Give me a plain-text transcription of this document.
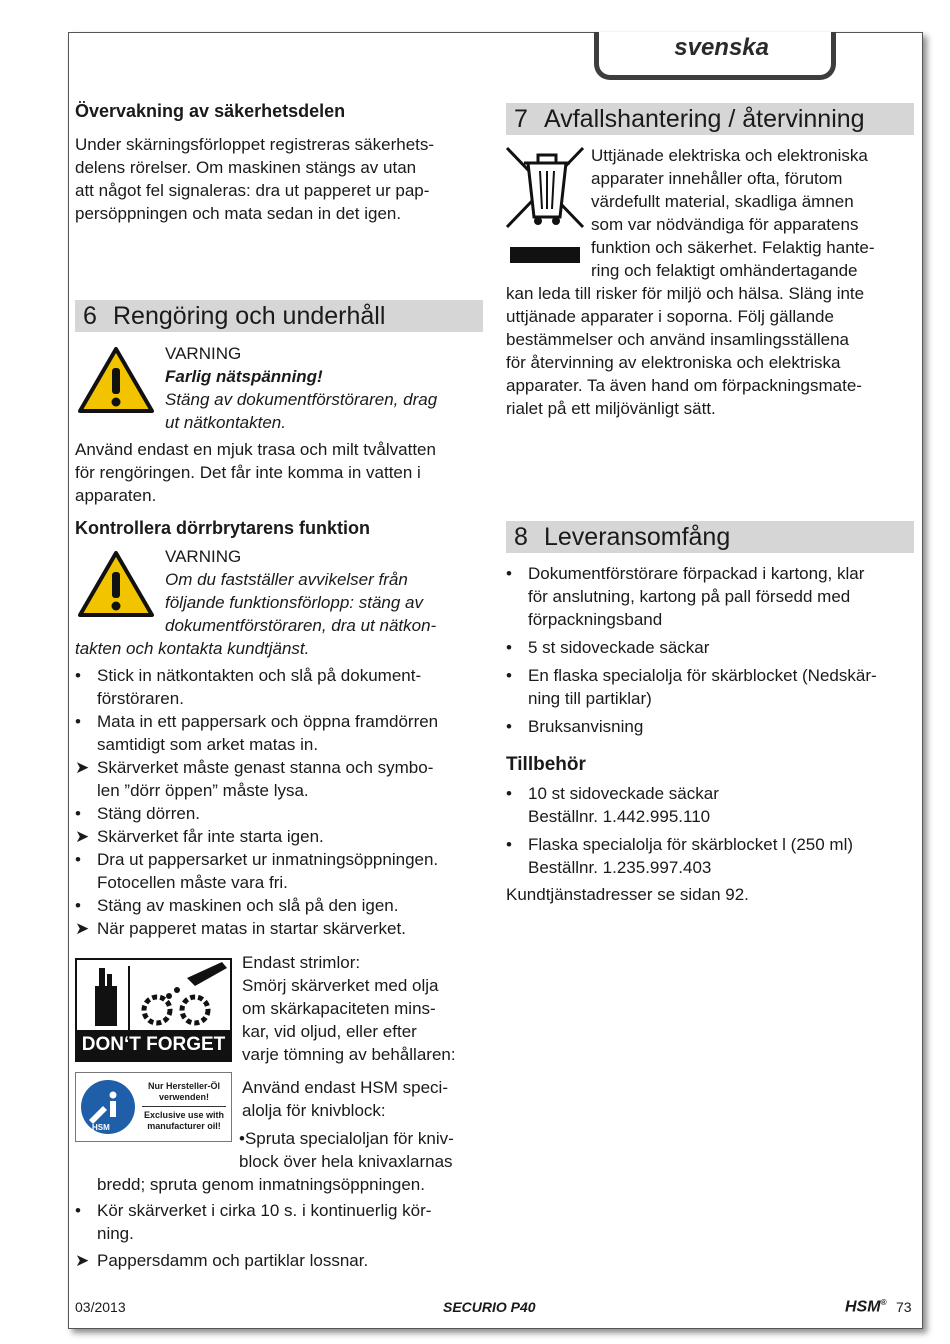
svenska
Övervakning av säkerhetsdelen
Under skärningsförloppet registreras säkerhets-
delens rörelser. Om maskinen stängs av utan
att något fel signaleras: dra ut papperet ur pap-
persöppningen och mata sedan in det igen.
6 Rengöring och underhåll
VARNING
Farlig nätspänning!
Stäng av dokumentförstöraren, drag
ut nätkontakten.
Använd endast en mjuk trasa och milt tvålvatten
för rengöringen. Det får inte komma in vatten i
apparaten.
Kontrollera dörrbrytarens funktion
VARNING
Om du fastställer avvikelser från
följande funktionsförlopp: stäng av
dokumentförstöraren, dra ut nätkon-
takten och kontakta kundtjänst.
• Stick in nätkontakten och slå på dokument-
förstöraren.
• Mata in ett pappersark och öppna framdörren
samtidigt som arket matas in.
➤ Skärverket måste genast stanna och symbo-
len ”dörr öppen” måste lysa.
• Stäng dörren.
➤ Skärverket får inte starta igen.
• Dra ut pappersarket ur inmatningsöppningen.
Fotocellen måste vara fri.
• Stäng av maskinen och slå på den igen.
➤ När papperet matas in startar skärverket.
DON‘T FORGET
Endast strimlor:
Smörj skärverket med olja
om skärkapaciteten mins-
kar, vid oljud, eller efter
varje tömning av behållaren:
HSM
Nur Hersteller-Öl
verwenden!
Exclusive use with
manufacturer oil!
Använd endast HSM speci-
alolja för knivblock:
•Spruta specialoljan för kniv-
block över hela knivaxlarnas
bredd; spruta genom inmatningsöppningen.
• Kör skärverket i cirka 10 s. i kontinuerlig kör-
ning.
➤ Pappersdamm och partiklar lossnar.
7 Avfallshantering / återvinning
Uttjänade elektriska och elektroniska
apparater innehåller ofta, förutom
värdefullt material, skadliga ämnen
som var nödvändiga för apparatens
funktion och säkerhet. Felaktig hante-
ring och felaktigt omhändertagande
kan leda till risker för miljö och hälsa. Släng inte
uttjänade apparater i soporna. Följ gällande
bestämmelser och använd insamlingsställena
för återvinning av elektroniska och elektriska
apparater. Ta även hand om förpackningsmate-
rialet på ett miljövänligt sätt.
8 Leveransomfång
• Dokumentförstörare förpackad i kartong, klar
för anslutning, kartong på pall försedd med
förpackningsband
• 5 st sidoveckade säckar
• En flaska specialolja för skärblocket (Nedskär-
ning till partiklar)
• Bruksanvisning
Tillbehör
• 10 st sidoveckade säckar
Beställnr. 1.442.995.110
• Flaska specialolja för skärblocket l (250 ml)
Beställnr. 1.235.997.403
Kundtjänstadresser se sidan 92.
03/2013	SECURIO P40	HSM® 73
